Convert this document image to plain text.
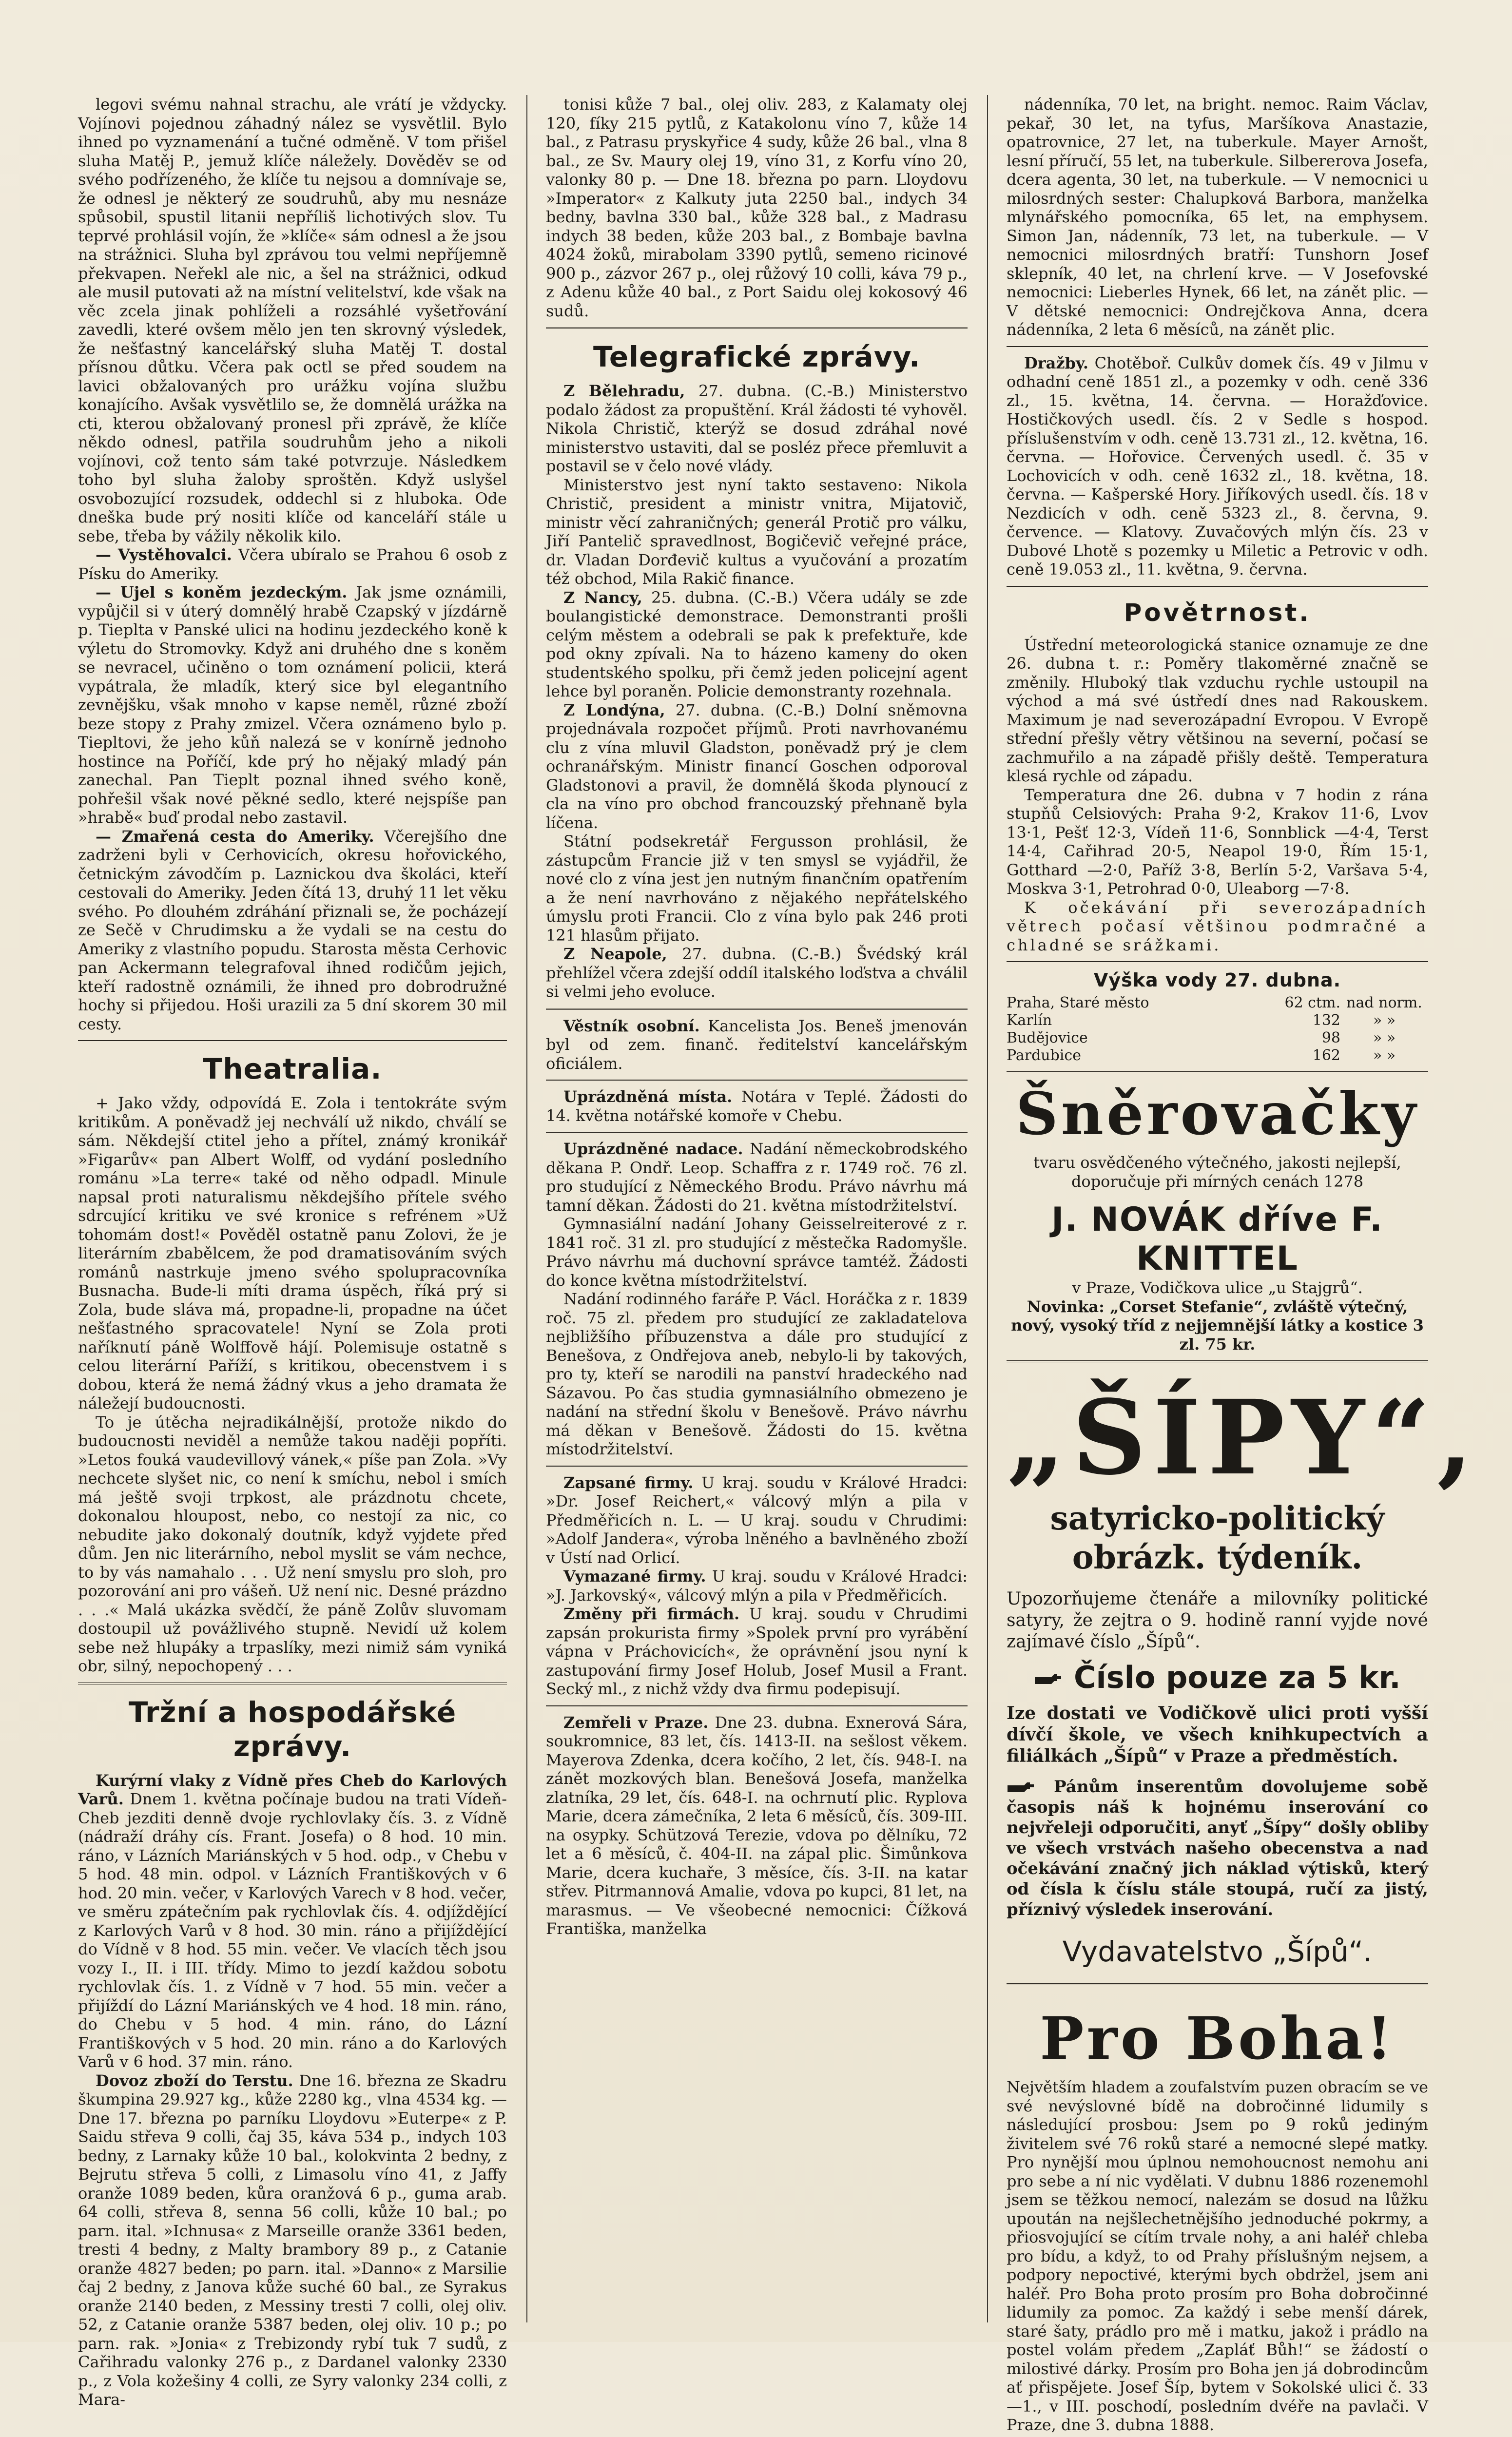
legovi svému nahnal strachu, ale vrátí je vždycky. Vojínovi pojednou záhadný nález se vysvětlil. Bylo ihned po vyznamenání a tučné odměně. V tom přišel sluha Matěj P., jemuž klíče náležely. Dověděv se od svého podřízeného, že klíče tu nejsou a domnívaje se, že odnesl je některý ze soudruhů, aby mu nesnáze spůsobil, spustil litanii nepříliš lichotivých slov. Tu teprvé prohlásil vojín, že »klíče« sám odnesl a že jsou na strážnici. Sluha byl zprávou tou velmi nepříjemně překvapen. Neřekl ale nic, a šel na strážnici, odkud ale musil putovati až na místní velitelství, kde však na věc zcela jinak pohlíželi a rozsáhlé vyšetřování zavedli, které ovšem mělo jen ten skrovný výsledek, že nešťastný kancelářský sluha Matěj T. dostal přísnou důtku. Včera pak octl se před soudem na lavici obžalovaných pro urážku vojína službu konajícího. Avšak vysvětlilo se, že domnělá urážka na cti, kterou obžalovaný pronesl při zprávě, že klíče někdo odnesl, patřila soudruhům jeho a nikoli vojínovi, což tento sám také potvrzuje. Následkem toho byl sluha žaloby sproštěn. Když uslyšel osvobozující rozsudek, oddechl si z hluboka. Ode dneška bude prý nositi klíče od kanceláří stále u sebe, třeba by vážily několik kilo.

— Vystěhovalci. Včera ubíralo se Prahou 6 osob z Písku do Ameriky.

— Ujel s koněm jezdeckým. Jak jsme oznámili, vypůjčil si v úterý domnělý hrabě Czapský v jízdárně p. Tieplta v Panské ulici na hodinu jezdeckého koně k výletu do Stromovky. Když ani druhého dne s koněm se nevracel, učiněno o tom oznámení policii, která vypátrala, že mladík, který sice byl elegantního zevnějšku, však mnoho v kapse neměl, různé zboží beze stopy z Prahy zmizel. Včera oznámeno bylo p. Tiepltovi, že jeho kůň nalezá se v konírně jednoho hostince na Poříčí, kde prý ho nějaký mladý pán zanechal. Pan Tieplt poznal ihned svého koně, pohřešil však nové pěkné sedlo, které nejspíše pan »hrabě« buď prodal nebo zastavil.

— Zmařená cesta do Ameriky. Včerejšího dne zadrženi byli v Cerhovicích, okresu hořovického, četnickým závodčím p. Laznickou dva školáci, kteří cestovali do Ameriky. Jeden čítá 13, druhý 11 let věku svého. Po dlouhém zdráhání přiznali se, že pocházejí ze Sečě v Chrudimsku a že vydali se na cestu do Ameriky z vlastního popudu. Starosta města Cerhovic pan Ackermann telegrafoval ihned rodičům jejich, kteří radostně oznámili, že ihned pro dobrodružné hochy si přijedou. Hoši urazili za 5 dní skorem 30 mil cesty.

Theatralia.

+ Jako vždy, odpovídá E. Zola i tentokráte svým kritikům. A poněvadž jej nechválí už nikdo, chválí se sám. Někdejší ctitel jeho a přítel, známý kronikář »Figarův« pan Albert Wolff, od vydání posledního románu »La terre« také od něho odpadl. Minule napsal proti naturalismu někdejšího přítele svého sdrcující kritiku ve své kronice s refrénem »Už tohomám dost!« Pověděl ostatně panu Zolovi, že je literárním zbabělcem, že pod dramatisováním svých románů nastrkuje jmeno svého spolupracovníka Busnacha. Bude-li míti drama úspěch, říká prý si Zola, bude sláva má, propadne-li, propadne na účet nešťastného spracovatele! Nyní se Zola proti naříknutí páně Wolffově hájí. Polemisuje ostatně s celou literární Paříží, s kritikou, obecenstvem i s dobou, která že nemá žádný vkus a jeho dramata že náležejí budoucnosti.

To je útěcha nejradikálnější, protože nikdo do budoucnosti neviděl a nemůže takou naději popříti. »Letos fouká vaudevillový vánek,« píše pan Zola. »Vy nechcete slyšet nic, co není k smíchu, nebol i smích má ještě svoji trpkost, ale prázdnotu chcete, dokonalou hloupost, nebo, co nestojí za nic, co nebudite jako dokonalý doutník, když vyjdete před dům. Jen nic literárního, nebol myslit se vám nechce, to by vás namahalo . . . Už není smyslu pro sloh, pro pozorování ani pro vášeň. Už není nic. Desné prázdno . . .« Malá ukázka svědčí, že páně Zolův sluvomam dostoupil už povážlivého stupně. Nevidí už kolem sebe než hlupáky a trpaslíky, mezi nimiž sám vyniká obr, silný, nepochopený . . .

Tržní a hospodářské zprávy.

Kurýrní vlaky z Vídně přes Cheb do Karlových Varů. Dnem 1. května počínaje budou na trati Vídeň-Cheb jezditi denně dvoje rychlovlaky čís. 3. z Vídně (nádraží dráhy cís. Frant. Josefa) o 8 hod. 10 min. ráno, v Lázních Mariánských v 5 hod. odp., v Chebu v 5 hod. 48 min. odpol. v Lázních Františkových v 6 hod. 20 min. večer, v Karlových Varech v 8 hod. večer, ve směru zpátečním pak rychlovlak čís. 4. odjíždějící z Karlových Varů v 8 hod. 30 min. ráno a přijíždějící do Vídně v 8 hod. 55 min. večer. Ve vlacích těch jsou vozy I., II. i III. třídy. Mimo to jezdí každou sobotu rychlovlak čís. 1. z Vídně v 7 hod. 55 min. večer a přijíždí do Lázní Mariánských ve 4 hod. 18 min. ráno, do Chebu v 5 hod. 4 min. ráno, do Lázní Františkových v 5 hod. 20 min. ráno a do Karlových Varů v 6 hod. 37 min. ráno.

Dovoz zboží do Terstu. Dne 16. března ze Skadru škumpina 29.927 kg., kůže 2280 kg., vlna 4534 kg. — Dne 17. března po parníku Lloydovu »Euterpe« z P. Saidu střeva 9 colli, čaj 35, káva 534 p., indych 103 bedny, z Larnaky kůže 10 bal., kolokvinta 2 bedny, z Bejrutu střeva 5 colli, z Limasolu víno 41, z Jaffy oranže 1089 beden, kůra oranžová 6 p., guma arab. 64 colli, střeva 8, senna 56 colli, kůže 10 bal.; po parn. ital. »Ichnusa« z Marseille oranže 3361 beden, tresti 4 bedny, z Malty brambory 89 p., z Catanie oranže 4827 beden; po parn. ital. »Danno« z Marsilie čaj 2 bedny, z Janova kůže suché 60 bal., ze Syrakus oranže 2140 beden, z Messiny tresti 7 colli, olej oliv. 52, z Catanie oranže 5387 beden, olej oliv. 10 p.; po parn. rak. »Jonia« z Trebizondy rybí tuk 7 sudů, z Cařihradu valonky 276 p., z Dardanel valonky 2330 p., z Vola kožešiny 4 colli, ze Syry valonky 234 colli, z Mara-

tonisi kůže 7 bal., olej oliv. 283, z Kalamaty olej 120, fíky 215 pytlů, z Katakolonu víno 7, kůže 14 bal., z Patrasu pryskyřice 4 sudy, kůže 26 bal., vlna 8 bal., ze Sv. Maury olej 19, víno 31, z Korfu víno 20, valonky 80 p. — Dne 18. března po parn. Lloydovu »Imperator« z Kalkuty juta 2250 bal., indych 34 bedny, bavlna 330 bal., kůže 328 bal., z Madrasu indych 38 beden, kůže 203 bal., z Bombaje bavlna 4024 žoků, mirabolam 3390 pytlů, semeno ricinové 900 p., zázvor 267 p., olej růžový 10 colli, káva 79 p., z Adenu kůže 40 bal., z Port Saidu olej kokosový 46 sudů.

Telegrafické zprávy.

Z Bělehradu, 27. dubna. (C.-B.) Ministerstvo podalo žádost za propuštění. Král žádosti té vyhověl. Nikola Christič, kterýž se dosud zdráhal nové ministerstvo ustaviti, dal se posléz přece přemluvit a postavil se v čelo nové vlády.

Ministerstvo jest nyní takto sestaveno: Nikola Christič, president a ministr vnitra, Mijatovič, ministr věcí zahraničných; generál Protič pro válku, Jiří Pantelič spravedlnost, Bogičevič veřejné práce, dr. Vladan Dorđevič kultus a vyučování a prozatím též obchod, Mila Rakič finance.

Z Nancy, 25. dubna. (C.-B.) Včera udály se zde boulangistické demonstrace. Demonstranti prošli celým městem a odebrali se pak k prefektuře, kde pod okny zpívali. Na to házeno kameny do oken studentského spolku, při čemž jeden policejní agent lehce byl poraněn. Policie demonstranty rozehnala.

Z Londýna, 27. dubna. (C.-B.) Dolní sněmovna projednávala rozpočet příjmů. Proti navrhovanému clu z vína mluvil Gladston, poněvadž prý je clem ochranářským. Ministr financí Goschen odporoval Gladstonovi a pravil, že domnělá škoda plynoucí z cla na víno pro obchod francouzský přehnaně byla líčena.

Státní podsekretář Fergusson prohlásil, že zástupcům Francie již v ten smysl se vyjádřil, že nové clo z vína jest jen nutným finančním opatřením a že není navrhováno z nějakého nepřátelského úmyslu proti Francii. Clo z vína bylo pak 246 proti 121 hlasům přijato.

Z Neapole, 27. dubna. (C.-B.) Švédský král přehlížel včera zdejší oddíl italského loďstva a chválil si velmi jeho evoluce.

Věstník osobní. Kancelista Jos. Beneš jmenován byl od zem. finanč. ředitelství kancelářským oficiálem.

Uprázdněná místa. Notára v Teplé. Žádosti do 14. května notářské komoře v Chebu.

Uprázdněné nadace. Nadání německobrodského děkana P. Ondř. Leop. Schaffra z r. 1749 roč. 76 zl. pro studující z Německého Brodu. Právo návrhu má tamní děkan. Žádosti do 21. května místodržitelství.

Gymnasiální nadání Johany Geisselreiterové z r. 1841 roč. 31 zl. pro studující z městečka Radomyšle. Právo návrhu má duchovní správce tamtéž. Žádosti do konce května místodržitelství.

Nadání rodinného faráře P. Václ. Horáčka z r. 1839 roč. 75 zl. předem pro studující ze zakladatelova nejbližšího příbuzenstva a dále pro studující z Benešova, z Ondřejova aneb, nebylo-li by takových, pro ty, kteří se narodili na panství hradeckého nad Sázavou. Po čas studia gymnasiálního obmezeno je nadání na střední školu v Benešově. Právo návrhu má děkan v Benešově. Žádosti do 15. května místodržitelství.

Zapsané firmy. U kraj. soudu v Králové Hradci: »Dr. Josef Reichert,« válcový mlýn a pila v Předměřicích n. L. — U kraj. soudu v Chrudimi: »Adolf Jandera«, výroba lněného a bavlněného zboží v Ústí nad Orlicí.

Vymazané firmy. U kraj. soudu v Králové Hradci: »J. Jarkovský«, válcový mlýn a pila v Předměřicích.

Změny při firmách. U kraj. soudu v Chrudimi zapsán prokurista firmy »Spolek první pro vyrábění vápna v Práchovicích«, že oprávnění jsou nyní k zastupování firmy Josef Holub, Josef Musil a Frant. Secký ml., z nichž vždy dva firmu podepisují.

Zemřeli v Praze. Dne 23. dubna. Exnerová Sára, soukromnice, 83 let, čís. 1413-II. na sešlost věkem. Mayerova Zdenka, dcera kočího, 2 let, čís. 948-I. na zánět mozkových blan. Benešová Josefa, manželka zlatníka, 29 let, čís. 648-I. na ochrnutí plic. Ryplova Marie, dcera zámečníka, 2 leta 6 měsíců, čís. 309-III. na osypky. Schützová Terezie, vdova po dělníku, 72 let a 6 měsíců, č. 404-II. na zápal plic. Šimůnkova Marie, dcera kuchaře, 3 měsíce, čís. 3-II. na katar střev. Pitrmannová Amalie, vdova po kupci, 81 let, na marasmus. — Ve všeobecné nemocnici: Čížková Františka, manželka

nádenníka, 70 let, na bright. nemoc. Raim Václav, pekař, 30 let, na tyfus, Maršíkova Anastazie, opatrovnice, 27 let, na tuberkule. Mayer Arnošt, lesní příručí, 55 let, na tuberkule. Silbererova Josefa, dcera agenta, 30 let, na tuberkule. — V nemocnici u milosrdných sester: Chalupková Barbora, manželka mlynářského pomocníka, 65 let, na emphysem. Simon Jan, nádenník, 73 let, na tuberkule. — V nemocnici milosrdných bratří: Tunshorn Josef sklepník, 40 let, na chrlení krve. — V Josefovské nemocnici: Lieberles Hynek, 66 let, na zánět plic. — V dětské nemocnici: Ondrejčkova Anna, dcera nádenníka, 2 leta 6 měsíců, na zánět plic.

Dražby. Chotěboř. Culkův domek čís. 49 v Jilmu v odhadní ceně 1851 zl., a pozemky v odh. ceně 336 zl., 15. května, 14. června. — Horažďovice. Hostičkových usedl. čís. 2 v Sedle s hospod. příslušenstvím v odh. ceně 13.731 zl., 12. května, 16. června. — Hořovice. Červených usedl. č. 35 v Lochovicích v odh. ceně 1632 zl., 18. května, 18. června. — Kašperské Hory. Jiříkových usedl. čís. 18 v Nezdicích v odh. ceně 5323 zl., 8. června, 9. července. — Klatovy. Zuvačových mlýn čís. 23 v Dubové Lhotě s pozemky u Miletic a Petrovic v odh. ceně 19.053 zl., 11. května, 9. června.

Povětrnost.

Ústřední meteorologická stanice oznamuje ze dne 26. dubna t. r.: Poměry tlakoměrné značně se změnily. Hluboký tlak vzduchu rychle ustoupil na východ a má své ústředí dnes nad Rakouskem. Maximum je nad severozápadní Evropou. V Evropě střední přešly větry většinou na severní, počasí se zachmuřilo a na západě přišly deště. Temperatura klesá rychle od západu.

Temperatura dne 26. dubna v 7 hodin z rána stupňů Celsiových: Praha 9·2, Krakov 11·6, Lvov 13·1, Pešť 12·3, Vídeň 11·6, Sonnblick —4·4, Terst 14·4, Cařihrad 20·5, Neapol 19·0, Řím 15·1, Gotthard —2·0, Paříž 3·8, Berlín 5·2, Varšava 5·4, Moskva 3·1, Petrohrad 0·0, Uleaborg —7·8.

K očekávání při severozápadních větrech počasí většinou podmračné a chladné se srážkami.

Výška vody 27. dubna.

Praha, Staré město	62 ctm.	nad norm.
Karlín	132	» »
Budějovice	98	» »
Pardubice	162	» »

Šněrovačky

tvaru osvědčeného výtečného, jakosti nejlepší, doporučuje při mírných cenách 1278

J. NOVÁK dříve F. KNITTEL

v Praze, Vodičkova ulice „u Stajgrů“.

Novinka: „Corset Stefanie“, zvláště výtečný, nový, vysoký tříd z nejjemnější látky a kostice 3 zl. 75 kr.

„ŠÍPY“,

satyricko-politický obrázk. týdeník.

Upozorňujeme čtenáře a milovníky politické satyry, že zejtra o 9. hodině ranní vyjde nové zajímavé číslo „Šípů“.

Číslo pouze za 5 kr.

Ize dostati ve Vodičkově ulici proti vyšší dívčí škole, ve všech knihkupectvích a filiálkách „Šípů“ v Praze a předměstích.

Pánům inserentům dovolujeme sobě časopis náš k hojnému inserování co nejvřeleji odporučiti, anyť „Šípy“ došly obliby ve všech vrstvách našeho obecenstva a nad očekávání značný jich náklad výtisků, který od čísla k číslu stále stoupá, ručí za jistý, příznivý výsledek inserování.

Vydavatelstvo „Šípů“.

Pro Boha!

Největším hladem a zoufalstvím puzen obracím se ve své nevýslovné bídě na dobročinné lidumily s následující prosbou: Jsem po 9 roků jediným živitelem své 76 roků staré a nemocné slepé matky. Pro nynější mou úplnou nemohoucnost nemohu ani pro sebe a ní nic vydělati. V dubnu 1886 rozenemohl jsem se těžkou nemocí, nalezám se dosud na lůžku upoután na nejšlechetnějšího jednoduché pokrmy, a přiosvojující se cítím trvale nohy, a ani haléř chleba pro bídu, a když, to od Prahy příslušným nejsem, a podpory nepoctivé, kterými bych obdržel, jsem ani haléř. Pro Boha proto prosím pro Boha dobročinné lidumily za pomoc. Za každý i sebe menší dárek, staré šaty, prádlo pro mě i matku, jakož i prádlo na postel volám předem „Zapláť Bůh!“ se žádostí o milostivé dárky. Prosím pro Boha jen já dobrodincům ať přispějete. Josef Šíp, bytem v Sokolské ulici č. 33—1., v III. poschodí, posledním dvéře na pavlači. V Praze, dne 3. dubna 1888.
